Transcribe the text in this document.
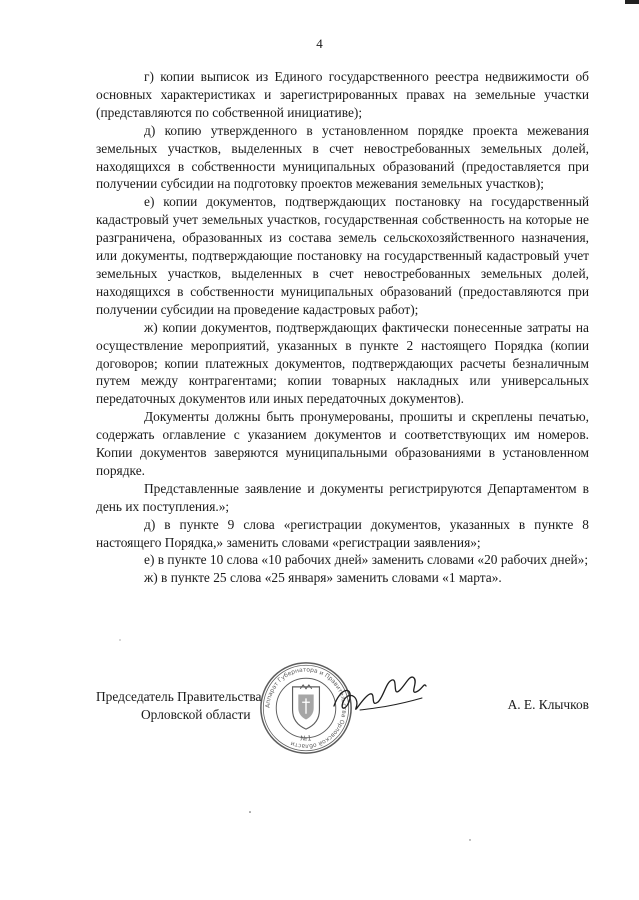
4

г) копии выписок из Единого государственного реестра недвижимости об основных характеристиках и зарегистрированных правах на земельные участки (представляются по собственной инициативе);

д) копию утвержденного в установленном порядке проекта межевания земельных участков, выделенных в счет невостребованных земельных долей, находящихся в собственности муниципальных образований (предоставляется при получении субсидии на подготовку проектов межевания земельных участков);

е) копии документов, подтверждающих постановку на государственный кадастровый учет земельных участков, государственная собственность на которые не разграничена, образованных из состава земель сельскохозяйственного назначения, или документы, подтверждающие постановку на государственный кадастровый учет земельных участков, выделенных в счет невостребованных земельных долей, находящихся в собственности муниципальных образований (предоставляются при получении субсидии на проведение кадастровых работ);

ж) копии документов, подтверждающих фактически понесенные затраты на осуществление мероприятий, указанных в пункте 2 настоящего Порядка (копии договоров; копии платежных документов, подтверждающих расчеты безналичным путем между контрагентами; копии товарных накладных или универсальных передаточных документов или иных передаточных документов).

Документы должны быть пронумерованы, прошиты и скреплены печатью, содержать оглавление с указанием документов и соответствующих им номеров. Копии документов заверяются муниципальными образованиями в установленном порядке.

Представленные заявление и документы регистрируются Департаментом в день их поступления.»;

д) в пункте 9 слова «регистрации документов, указанных в пункте 8 настоящего Порядка,» заменить словами «регистрации заявления»;

е) в пункте 10 слова «10 рабочих дней» заменить словами «20 рабочих дней»;

ж) в пункте 25 слова «25 января» заменить словами «1 марта».

Председатель Правительства
Орловской области
А. Е. Клычков
Аппарат Губернатора и Правительства Орловской области
№1
